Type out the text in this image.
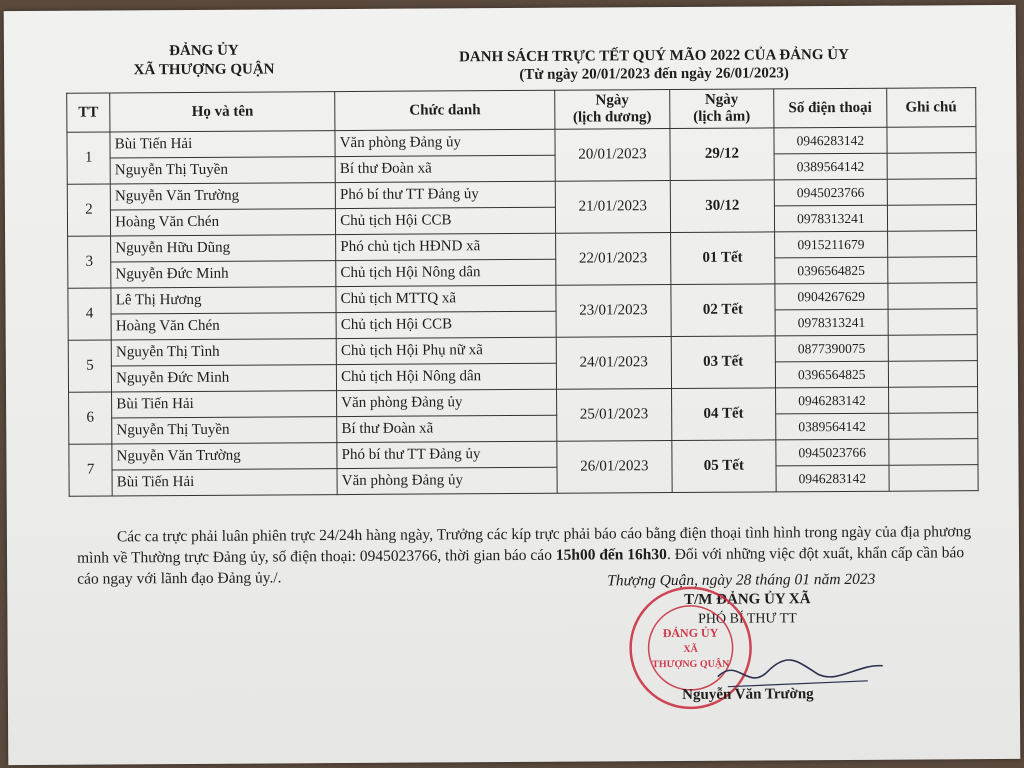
ĐẢNG ỦY
XÃ THƯỢNG QUẬN
DANH SÁCH TRỰC TẾT QUÝ MÃO 2022 CỦA ĐẢNG ỦY
(Từ ngày 20/01/2023 đến ngày 26/01/2023)
TT	Họ và tên	Chức danh	Ngày
(lịch dương)	Ngày
(lịch âm)	Số điện thoại	Ghi chú
1	Bùi Tiến Hải	Văn phòng Đảng ủy	20/01/2023	29/12	0946283142	
	Nguyễn Thị Tuyền	Bí thư Đoàn xã			0389564142	
2	Nguyễn Văn Trường	Phó bí thư TT Đảng ủy	21/01/2023	30/12	0945023766	
	Hoàng Văn Chén	Chủ tịch Hội CCB			0978313241	
3	Nguyễn Hữu Dũng	Phó chủ tịch HĐND xã	22/01/2023	01 Tết	0915211679	
	Nguyễn Đức Minh	Chủ tịch Hội Nông dân			0396564825	
4	Lê Thị Hương	Chủ tịch MTTQ xã	23/01/2023	02 Tết	0904267629	
	Hoàng Văn Chén	Chủ tịch Hội CCB			0978313241	
5	Nguyễn Thị Tình	Chủ tịch Hội Phụ nữ xã	24/01/2023	03 Tết	0877390075	
	Nguyễn Đức Minh	Chủ tịch Hội Nông dân			0396564825	
6	Bùi Tiến Hải	Văn phòng Đảng ủy	25/01/2023	04 Tết	0946283142	
	Nguyễn Thị Tuyền	Bí thư Đoàn xã			0389564142	
7	Nguyễn Văn Trường	Phó bí thư TT Đảng ủy	26/01/2023	05 Tết	0945023766	
	Bùi Tiến Hải	Văn phòng Đảng ủy			0946283142	

Các ca trực phải luân phiên trực 24/24h hàng ngày, Trưởng các kíp trực phải báo cáo bằng điện thoại tình hình trong ngày của địa phương mình về Thường trực Đảng ủy, số điện thoại: 0945023766, thời gian báo cáo 15h00 đến 16h30. Đối với những việc đột xuất, khẩn cấp cần báo cáo ngay với lãnh đạo Đảng ủy./.	Thượng Quận, ngày 28 tháng 01 năm 2023
T/M ĐẢNG ỦY XÃ
PHÓ BÍ THƯ TT
ĐẢNG ỦY
XÃ
THƯỢNG QUẬN
Nguyễn Văn Trường
